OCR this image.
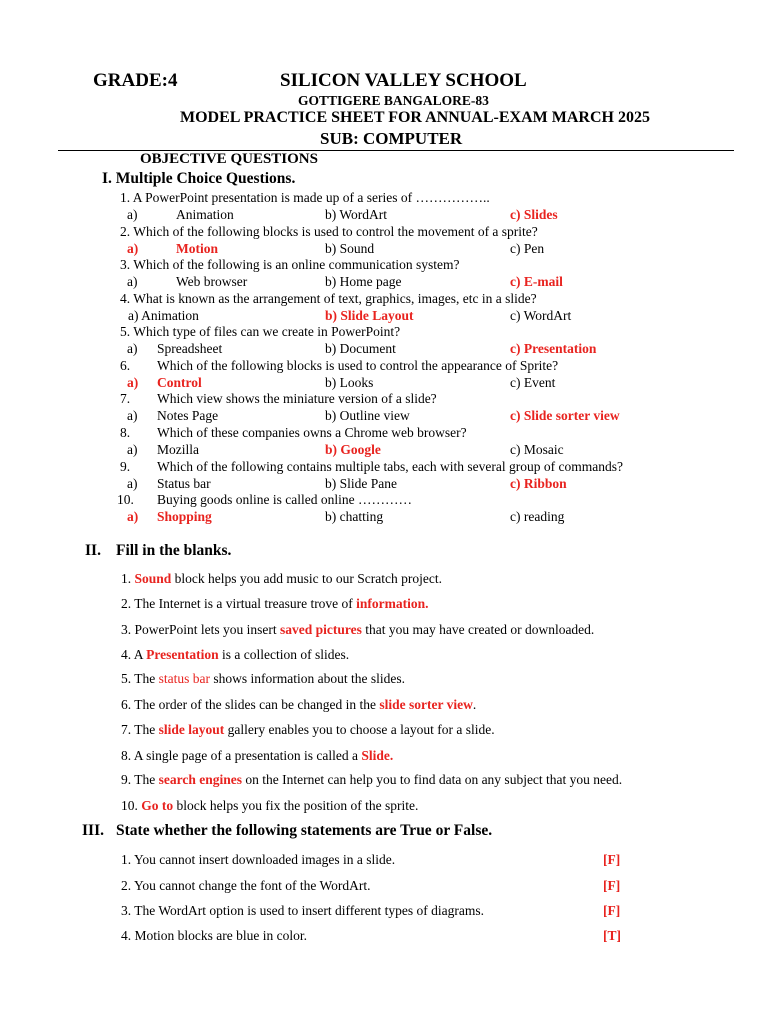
GRADE:4	SILICON VALLEY SCHOOL
GOTTIGERE BANGALORE-83
MODEL PRACTICE SHEET FOR ANNUAL-EXAM MARCH 2025
SUB: COMPUTER
OBJECTIVE QUESTIONS
I. Multiple Choice Questions.
1. A PowerPoint presentation is made up of a series of ……………..
a)	Animation	b) WordArt	c) Slides
2. Which of the following blocks is used to control the movement of a sprite?
a)	Motion	b) Sound	c) Pen
3. Which of the following is an online communication system?
a)	Web browser	b) Home page	c) E-mail
4. What is known as the arrangement of text, graphics, images, etc in a slide?
a) Animation	b) Slide Layout	c) WordArt
5. Which type of files can we create in PowerPoint?
a) Spreadsheet	b) Document	c) Presentation
6. Which of the following blocks is used to control the appearance of Sprite?
a) Control	b) Looks	c) Event
7. Which view shows the miniature version of a slide?
a) Notes Page	b) Outline view	c) Slide sorter view
8. Which of these companies owns a Chrome web browser?
a) Mozilla	b) Google	c) Mosaic
9. Which of the following contains multiple tabs, each with several group of commands?
a) Status bar	b) Slide Pane	c) Ribbon
10. Buying goods online is called online …………
a) Shopping	b) chatting	c) reading
II. Fill in the blanks.
1. Sound block helps you add music to our Scratch project.
2. The Internet is a virtual treasure trove of information.
3. PowerPoint lets you insert saved pictures that you may have created or downloaded.
4. A Presentation is a collection of slides.
5. The status bar shows information about the slides.
6. The order of the slides can be changed in the slide sorter view.
7. The slide layout gallery enables you to choose a layout for a slide.
8. A single page of a presentation is called a Slide.
9. The search engines on the Internet can help you to find data on any subject that you need.
10. Go to block helps you fix the position of the sprite.
III. State whether the following statements are True or False.
1. You cannot insert downloaded images in a slide.	[F]
2. You cannot change the font of the WordArt.	[F]
3. The WordArt option is used to insert different types of diagrams.	[F]
4. Motion blocks are blue in color.	[T]
